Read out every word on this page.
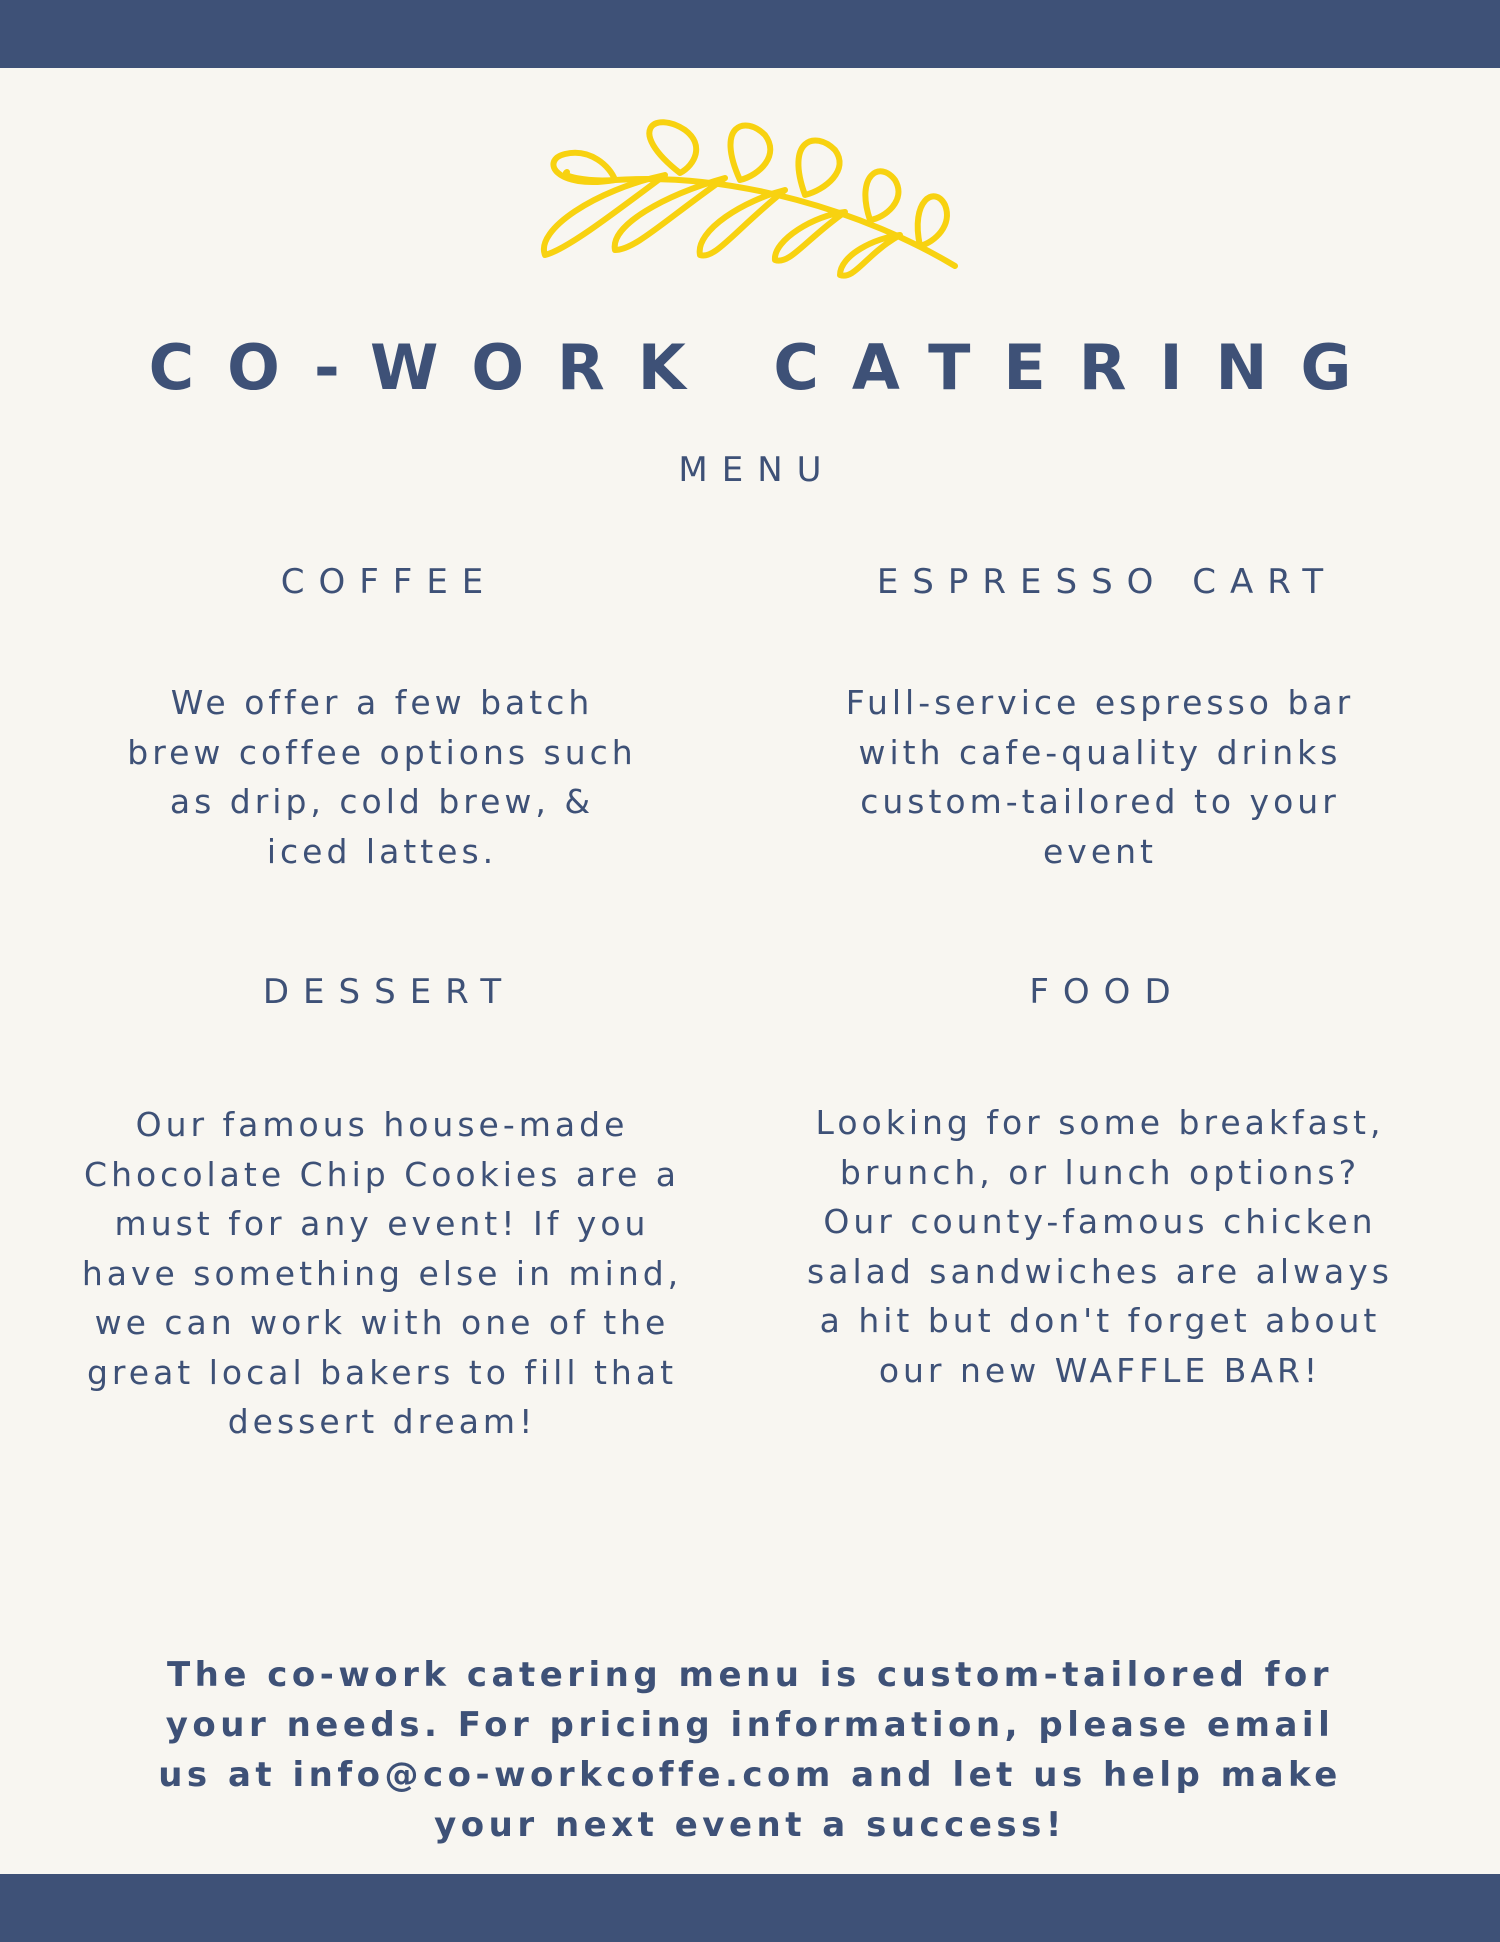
CO-WORK CATERING
MENU
COFFEE

We offer a few batch brew coffee options such as drip, cold brew, & iced lattes.

ESPRESSO CART

Full-service espresso bar with cafe-quality drinks custom-tailored to your event

DESSERT

Our famous house-made Chocolate Chip Cookies are a must for any event! If you have something else in mind, we can work with one of the great local bakers to fill that dessert dream!

FOOD

Looking for some breakfast, brunch, or lunch options? Our county-famous chicken salad sandwiches are always a hit but don't forget about our new WAFFLE BAR!

The co-work catering menu is custom-tailored for your needs. For pricing information, please email us at info@co-workcoffe.com and let us help make your next event a success!
